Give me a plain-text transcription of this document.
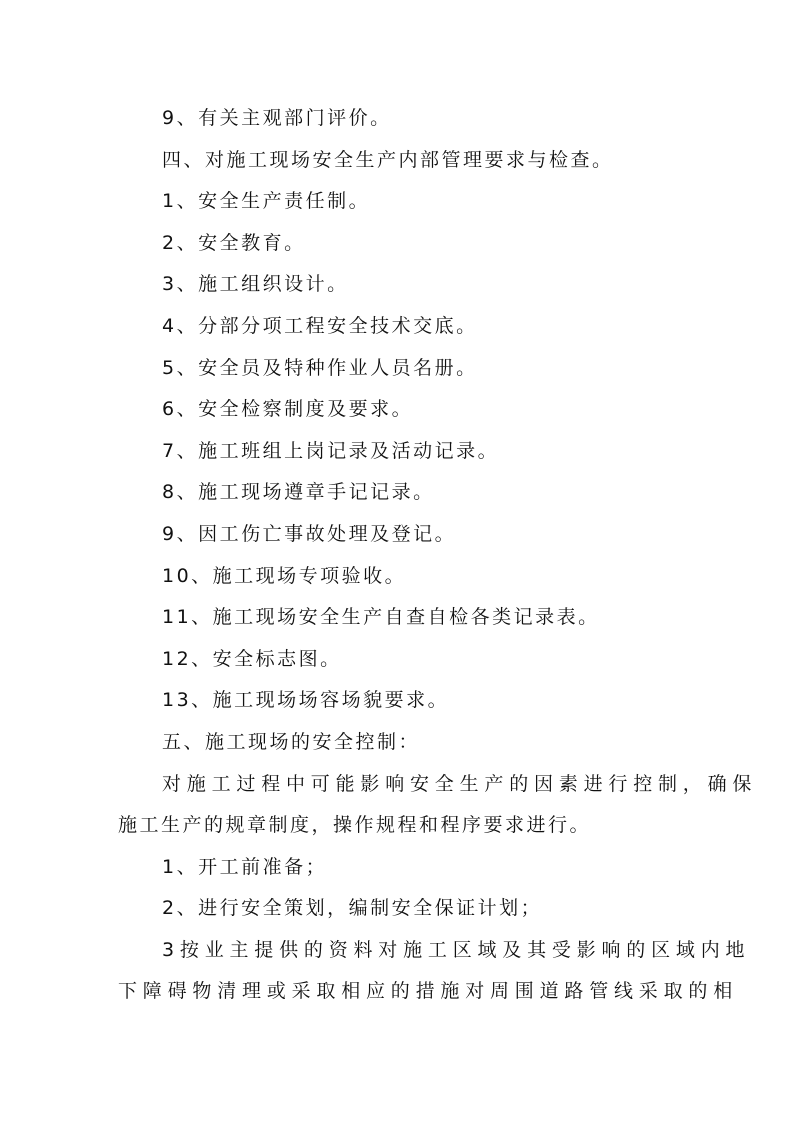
9、有关主观部门评价。
四、对施工现场安全生产内部管理要求与检查。
1、安全生产责任制。
2、安全教育。
3、施工组织设计。
4、分部分项工程安全技术交底。
5、安全员及特种作业人员名册。
6、安全检察制度及要求。
7、施工班组上岗记录及活动记录。
8、施工现场遵章手记记录。
9、因工伤亡事故处理及登记。
10、施工现场专项验收。
11、施工现场安全生产自查自检各类记录表。
12、安全标志图。
13、施工现场场容场貌要求。
五、施工现场的安全控制：
对施工过程中可能影响安全生产的因素进行控制，确保
施工生产的规章制度，操作规程和程序要求进行。
1、开工前准备；
2、进行安全策划，编制安全保证计划；
3按业主提供的资料对施工区域及其受影响的区域内地
下障碍物清理或采取相应的措施对周围道路管线采取的相
